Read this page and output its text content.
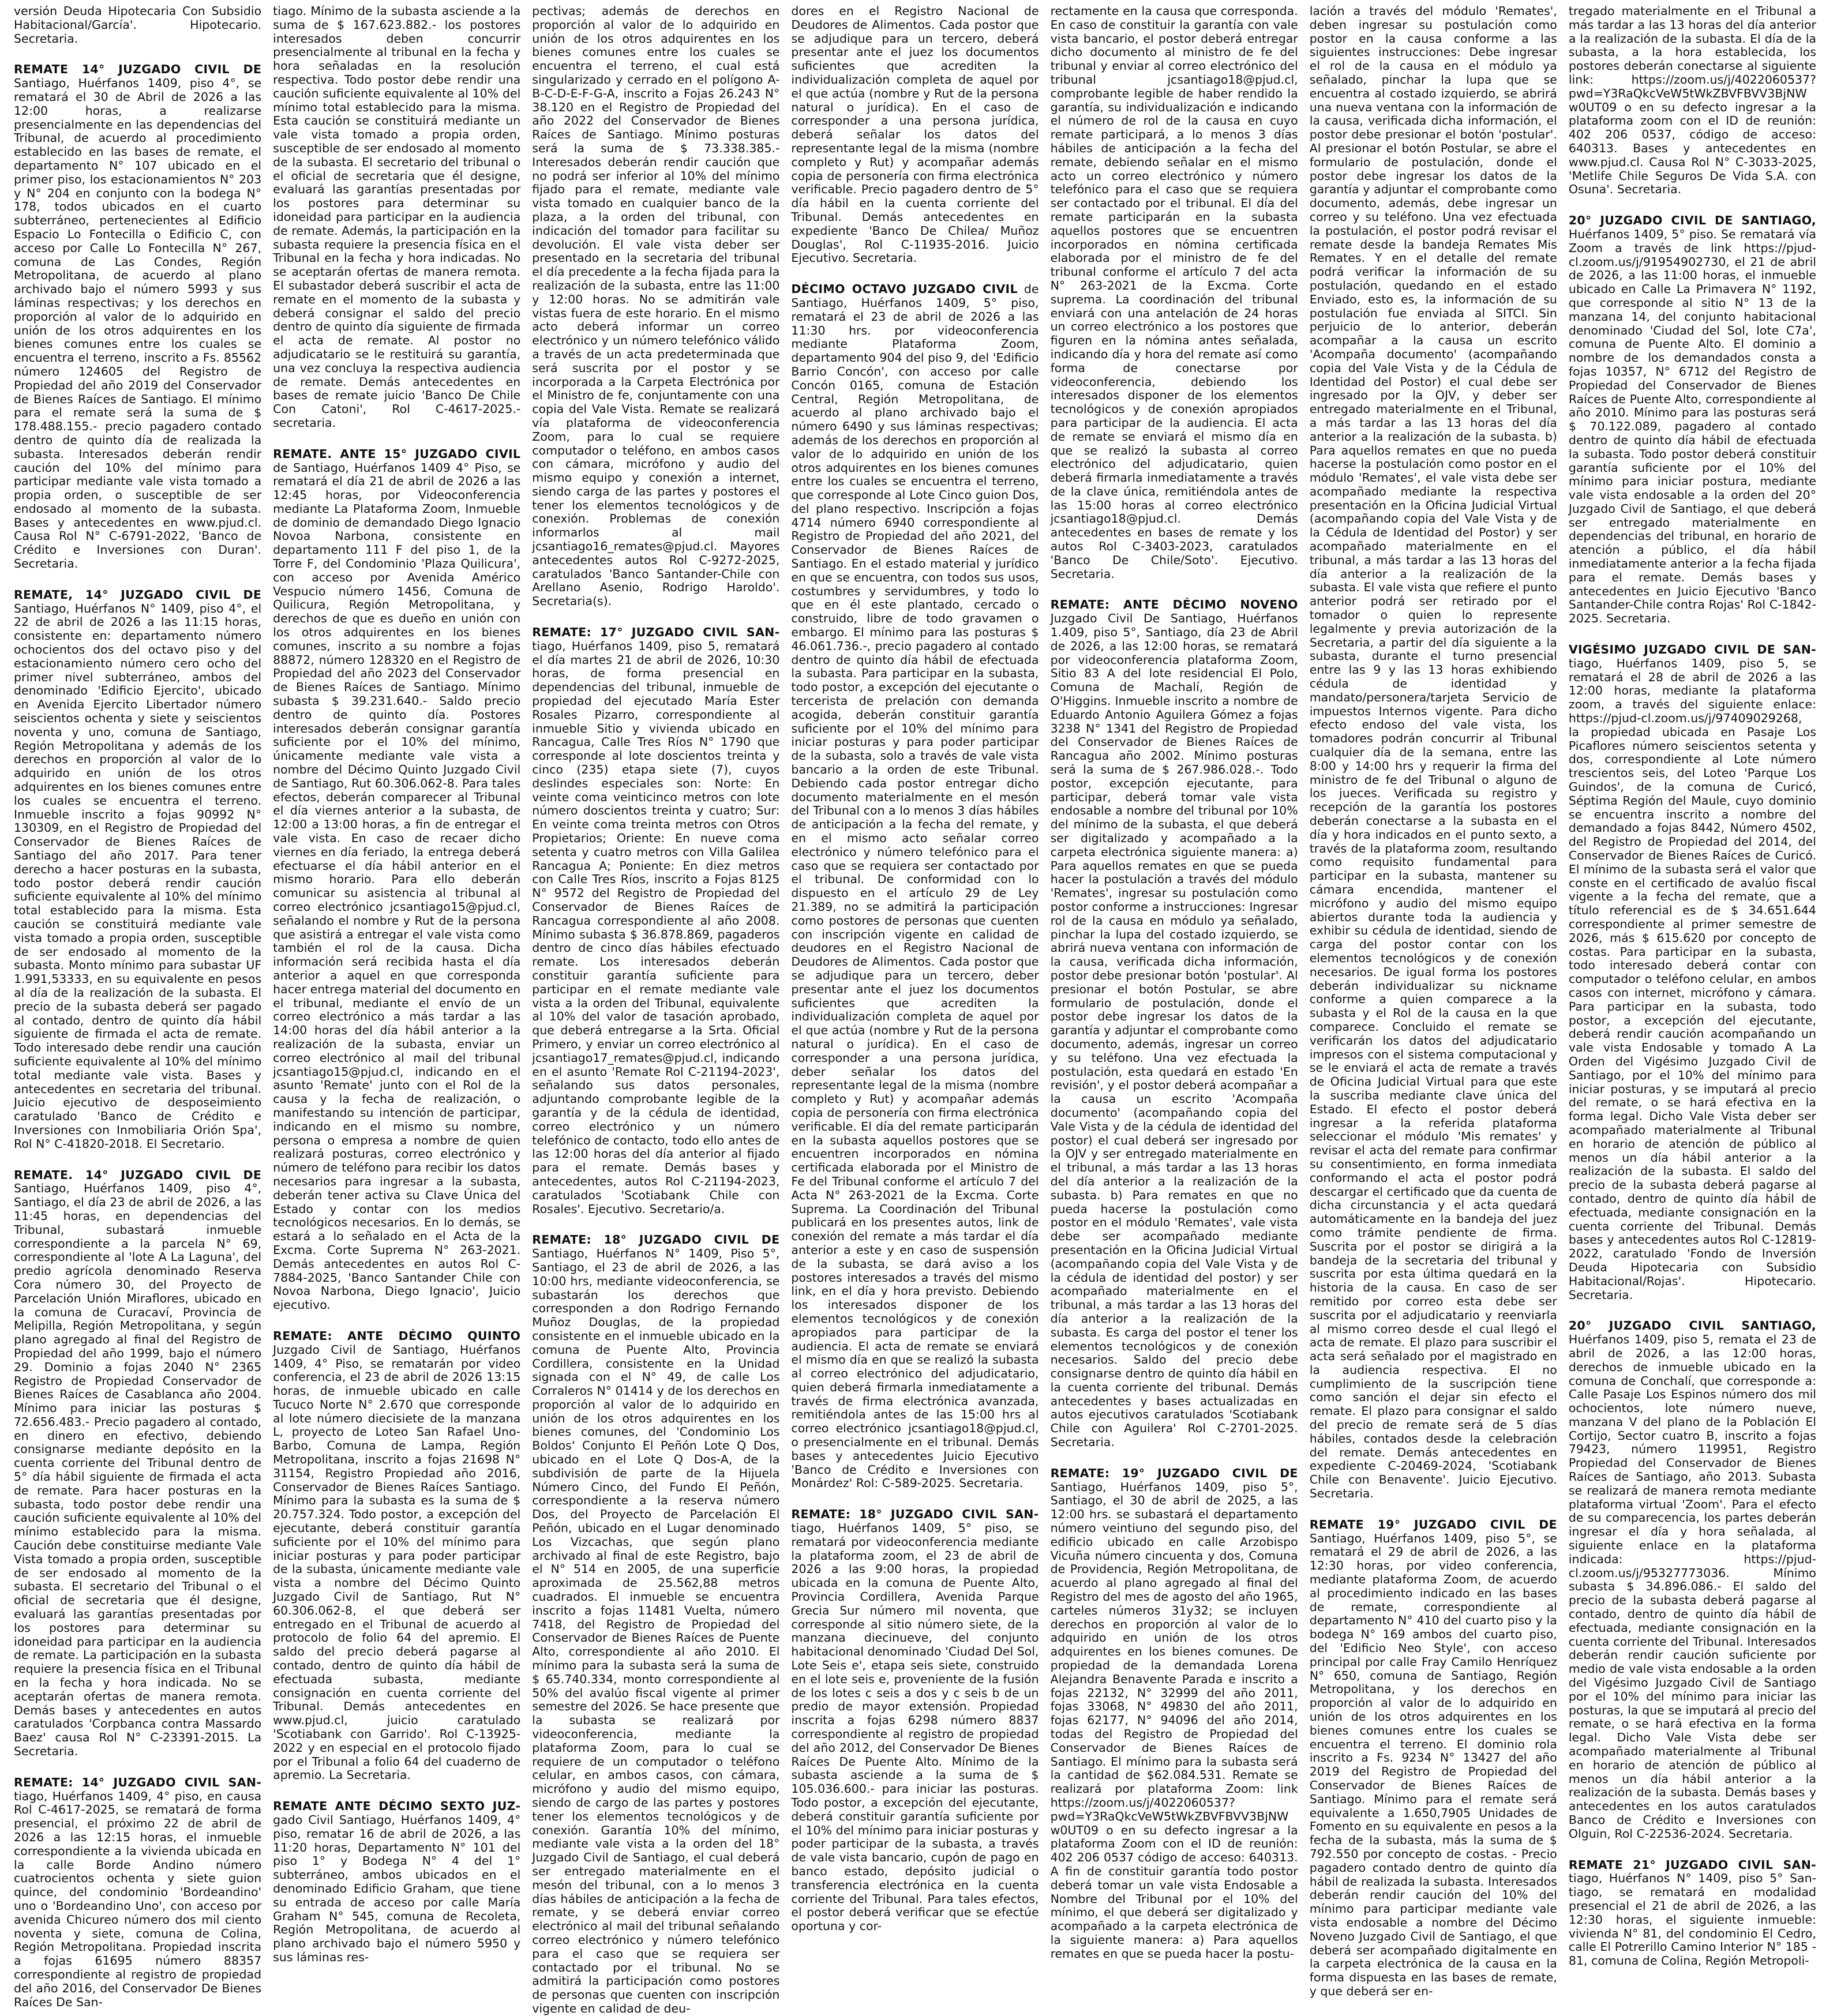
versión Deuda Hipotecaria Con Subsidio Habitacional/García'. Hipotecario. Secretaria.

REMATE 14° JUZGADO CIVIL DE Santiago, Huérfanos 1409, piso 4°, se rematará el 30 de Abril de 2026 a las 12:00 horas, a realizarse presencialmente en las dependencias del Tribunal, de acuerdo al procedimiento establecido en las bases de remate, el departamento N° 107 ubicado en el primer piso, los estacionamientos N° 203 y N° 204 en conjunto con la bodega N° 178, todos ubicados en el cuarto subterráneo, pertenecientes al Edificio Espacio Lo Fontecilla o Edificio C, con acceso por Calle Lo Fontecilla N° 267, comuna de Las Condes, Región Metropolitana, de acuerdo al plano archivado bajo el número 5993 y sus láminas respectivas; y los derechos en proporción al valor de lo adquirido en unión de los otros adquirentes en los bienes comunes entre los cuales se encuentra el terreno, inscrito a Fs. 85562 número 124605 del Registro de Propiedad del año 2019 del Conservador de Bienes Raíces de Santiago. El mínimo para el remate será la suma de $ 178.488.155.- precio pagadero contado dentro de quinto día de realizada la subasta. Interesados deberán rendir caución del 10% del mínimo para participar mediante vale vista tomado a propia orden, o susceptible de ser endosado al momento de la subasta. Bases y antecedentes en www.pjud.cl. Causa Rol N° C-6791-2022, 'Banco de Crédito e Inversiones con Duran'. Secretaria.

REMATE, 14° JUZGADO CIVIL DE Santiago, Huérfanos N° 1409, piso 4°, el 22 de abril de 2026 a las 11:15 horas, consistente en: departamento número ochocientos dos del octavo piso y del estacionamiento número cero ocho del primer nivel subterráneo, ambos del denominado 'Edificio Ejercito', ubicado en Avenida Ejercito Libertador número seiscientos ochenta y siete y seiscientos noventa y uno, comuna de Santiago, Región Metropolitana y además de los derechos en proporción al valor de lo adquirido en unión de los otros adquirentes en los bienes comunes entre los cuales se encuentra el terreno. Inmueble inscrito a fojas 90992 N° 130309, en el Registro de Propiedad del Conservador de Bienes Raíces de Santiago del año 2017. Para tener derecho a hacer posturas en la subasta, todo postor deberá rendir caución suficiente equivalente al 10% del mínimo total establecido para la misma. Esta caución se constituirá mediante vale vista tomado a propia orden, susceptible de ser endosado al momento de la subasta. Monto mínimo para subastar UF 1.991,53333, en su equivalente en pesos al día de la realización de la subasta. El precio de la subasta deberá ser pagado al contado, dentro de quinto día hábil siguiente de firmada el acta de remate. Todo interesado debe rendir una caución suficiente equivalente al 10% del mínimo total mediante vale vista. Bases y antecedentes en secretaria del tribunal. Juicio ejecutivo de desposeimiento caratulado 'Banco de Crédito e Inversiones con Inmobiliaria Orión Spa', Rol N° C-41820-2018. El Secretario.

REMATE. 14° JUZGADO CIVIL DE Santiago, Huérfanos 1409, piso 4°, Santiago, el día 23 de abril de 2026, a las 11:45 horas, en dependencias del Tribunal, subastará inmueble correspondiente a la parcela N° 69, correspondiente al 'lote A La Laguna', del predio agrícola denominado Reserva Cora número 30, del Proyecto de Parcelación Unión Miraflores, ubicado en la comuna de Curacaví, Provincia de Melipilla, Región Metropolitana, y según plano agregado al final del Registro de Propiedad del año 1999, bajo el número 29. Dominio a fojas 2040 N° 2365 Registro de Propiedad Conservador de Bienes Raíces de Casablanca año 2004. Mínimo para iniciar las posturas $ 72.656.483.- Precio pagadero al contado, en dinero en efectivo, debiendo consignarse mediante depósito en la cuenta corriente del Tribunal dentro de 5° día hábil siguiente de firmada el acta de remate. Para hacer posturas en la subasta, todo postor debe rendir una caución suficiente equivalente al 10% del mínimo establecido para la misma. Caución debe constituirse mediante Vale Vista tomado a propia orden, susceptible de ser endosado al momento de la subasta. El secretario del Tribunal o el oficial de secretaria que él designe, evaluará las garantías presentadas por los postores para determinar su idoneidad para participar en la audiencia de remate. La participación en la subasta requiere la presencia física en el Tribunal en la fecha y hora indicada. No se aceptarán ofertas de manera remota. Demás bases y antecedentes en autos caratulados 'Corpbanca contra Massardo Baez' causa Rol N° C-23391-2015. La Secretaria.

REMATE: 14° JUZGADO CIVIL SAN- tiago, Huérfanos 1409, 4° piso, en causa Rol C-4617-2025, se rematará de forma presencial, el próximo 22 de abril de 2026 a las 12:15 horas, el inmueble correspondiente a la vivienda ubicada en la calle Borde Andino número cuatrocientos ochenta y siete guion quince, del condominio 'Bordeandino' uno o 'Bordeandino Uno', con acceso por avenida Chicureo número dos mil ciento noventa y siete, comuna de Colina, Región Metropolitana. Propiedad inscrita a fojas 61695 número 88357 correspondiente al registro de propiedad del año 2016, del Conservador De Bienes Raíces De San-

tiago. Mínimo de la subasta asciende a la suma de $ 167.623.882.- los postores interesados deben concurrir presencialmente al tribunal en la fecha y hora señaladas en la resolución respectiva. Todo postor debe rendir una caución suficiente equivalente al 10% del mínimo total establecido para la misma. Esta caución se constituirá mediante un vale vista tomado a propia orden, susceptible de ser endosado al momento de la subasta. El secretario del tribunal o el oficial de secretaria que él designe, evaluará las garantías presentadas por los postores para determinar su idoneidad para participar en la audiencia de remate. Además, la participación en la subasta requiere la presencia física en el Tribunal en la fecha y hora indicadas. No se aceptarán ofertas de manera remota. El subastador deberá suscribir el acta de remate en el momento de la subasta y deberá consignar el saldo del precio dentro de quinto día siguiente de firmada el acta de remate. Al postor no adjudicatario se le restituirá su garantía, una vez concluya la respectiva audiencia de remate. Demás antecedentes en bases de remate juicio 'Banco De Chile Con Catoni', Rol C-4617-2025.- secretaria.

REMATE. ANTE 15° JUZGADO CIVIL de Santiago, Huérfanos 1409 4° Piso, se rematará el día 21 de abril de 2026 a las 12:45 horas, por Videoconferencia mediante La Plataforma Zoom, Inmueble de dominio de demandado Diego Ignacio Novoa Narbona, consistente en departamento 111 F del piso 1, de la Torre F, del Condominio 'Plaza Quilicura', con acceso por Avenida Américo Vespucio número 1456, Comuna de Quilicura, Región Metropolitana, y derechos de que es dueño en unión con los otros adquirentes en los bienes comunes, inscrito a su nombre a fojas 88872, número 128320 en el Registro de Propiedad del año 2023 del Conservador de Bienes Raíces de Santiago. Mínimo subasta $ 39.231.640.- Saldo precio dentro de quinto día. Postores interesados deberán consignar garantía suficiente por el 10% del mínimo, únicamente mediante vale vista a nombre del Décimo Quinto Juzgado Civil de Santiago, Rut 60.306.062-8. Para tales efectos, deberán comparecer al Tribunal el día viernes anterior a la subasta, de 12:00 a 13:00 horas, a fin de entregar el vale vista. En caso de recaer dicho viernes en día feriado, la entrega deberá efectuarse el día hábil anterior en el mismo horario. Para ello deberán comunicar su asistencia al tribunal al correo electrónico jcsantiago15@pjud.cl, señalando el nombre y Rut de la persona que asistirá a entregar el vale vista como también el rol de la causa. Dicha información será recibida hasta el día anterior a aquel en que corresponda hacer entrega material del documento en el tribunal, mediante el envío de un correo electrónico a más tardar a las 14:00 horas del día hábil anterior a la realización de la subasta, enviar un correo electrónico al mail del tribunal jcsantiago15@pjud.cl, indicando en el asunto 'Remate' junto con el Rol de la causa y la fecha de realización, o manifestando su intención de participar, indicando en el mismo su nombre, persona o empresa a nombre de quien realizará posturas, correo electrónico y número de teléfono para recibir los datos necesarios para ingresar a la subasta, deberán tener activa su Clave Única del Estado y contar con los medios tecnológicos necesarios. En lo demás, se estará a lo señalado en el Acta de la Excma. Corte Suprema N° 263-2021. Demás antecedentes en autos Rol C-7884-2025, 'Banco Santander Chile con Novoa Narbona, Diego Ignacio', Juicio ejecutivo.

REMATE: ANTE DÉCIMO QUINTO Juzgado Civil de Santiago, Huérfanos 1409, 4° Piso, se rematarán por video conferencia, el 23 de abril de 2026 13:15 horas, de inmueble ubicado en calle Tucuco Norte N° 2.670 que corresponde al lote número diecisiete de la manzana L, proyecto de Loteo San Rafael Uno-Barbo, Comuna de Lampa, Región Metropolitana, inscrito a fojas 21698 N° 31154, Registro Propiedad año 2016, Conservador de Bienes Raíces Santiago. Mínimo para la subasta es la suma de $ 20.757.324. Todo postor, a excepción del ejecutante, deberá constituir garantía suficiente por el 10% del mínimo para iniciar posturas y para poder participar de la subasta, únicamente mediante vale vista a nombre del Décimo Quinto Juzgado Civil de Santiago, Rut N° 60.306.062-8, el que deberá ser entregado en el Tribunal de acuerdo al protocolo de folio 64 del apremio. El saldo del precio deberá pagarse al contado, dentro de quinto día hábil de efectuada subasta, mediante consignación en cuenta corriente del Tribunal. Demás antecedentes en www.pjud.cl, juicio caratulado 'Scotiabank con Garrido'. Rol C-13925-2022 y en especial en el protocolo fijado por el Tribunal a folio 64 del cuaderno de apremio. La Secretaria.

REMATE ANTE DÉCIMO SEXTO JUZ- gado Civil Santiago, Huérfanos 1409, 4° piso, rematar 16 de abril de 2026, a las 11:20 horas, Departamento N° 101 del piso 1° y Bodega N° 4 del 1° subterráneo, ambos ubicados en el denominado Edificio Graham, que tiene su entrada de acceso por calle María Graham N° 545, comuna de Recoleta, Región Metropolitana, de acuerdo al plano archivado bajo el número 5950 y sus láminas res-

pectivas; además de derechos en proporción al valor de lo adquirido en unión de los otros adquirentes en los bienes comunes entre los cuales se encuentra el terreno, el cual está singularizado y cerrado en el polígono A-B-C-D-E-F-G-A, inscrito a Fojas 26.243 N° 38.120 en el Registro de Propiedad del año 2022 del Conservador de Bienes Raíces de Santiago. Mínimo posturas será la suma de $ 73.338.385.- Interesados deberán rendir caución que no podrá ser inferior al 10% del mínimo fijado para el remate, mediante vale vista tomado en cualquier banco de la plaza, a la orden del tribunal, con indicación del tomador para facilitar su devolución. El vale vista deber ser presentado en la secretaria del tribunal el día precedente a la fecha fijada para la realización de la subasta, entre las 11:00 y 12:00 horas. No se admitirán vale vistas fuera de este horario. En el mismo acto deberá informar un correo electrónico y un número telefónico válido a través de un acta predeterminada que será suscrita por el postor y se incorporada a la Carpeta Electrónica por el Ministro de fe, conjuntamente con una copia del Vale Vista. Remate se realizará vía plataforma de videoconferencia Zoom, para lo cual se requiere computador o teléfono, en ambos casos con cámara, micrófono y audio del mismo equipo y conexión a internet, siendo carga de las partes y postores el tener los elementos tecnológicos y de conexión. Problemas de conexión informarlos al mail jcsantiago16_remates@pjud.cl. Mayores antecedentes autos Rol C-9272-2025, caratulados 'Banco Santander-Chile con Arellano Asenio, Rodrigo Haroldo'. Secretaria(s).

REMATE: 17° JUZGADO CIVIL SAN- tiago, Huérfanos 1409, piso 5, rematará el día martes 21 de abril de 2026, 10:30 horas, de forma presencial en dependencias del tribunal, inmueble de propiedad del ejecutado María Ester Rosales Pizarro, correspondiente al inmueble Sitio y vivienda ubicado en Rancagua, Calle Tres Ríos N° 1790 que corresponde al lote doscientos treinta y cinco (235) etapa siete (7), cuyos deslindes especiales son: Norte: En veinte coma veinticinco metros con lote número doscientos treinta y cuatro; Sur: En veinte coma treinta metros con Otros Propietarios; Oriente: En nueve coma setenta y cuatro metros con Villa Galilea Rancagua A; Poniente: En diez metros con Calle Tres Ríos, inscrito a Fojas 8125 N° 9572 del Registro de Propiedad del Conservador de Bienes Raíces de Rancagua correspondiente al año 2008. Mínimo subasta $ 36.878.869, pagaderos dentro de cinco días hábiles efectuado remate. Los interesados deberán constituir garantía suficiente para participar en el remate mediante vale vista a la orden del Tribunal, equivalente al 10% del valor de tasación aprobado, que deberá entregarse a la Srta. Oficial Primero, y enviar un correo electrónico al jcsantiago17_remates@pjud.cl, indicando en el asunto 'Remate Rol C-21194-2023', señalando sus datos personales, adjuntando comprobante legible de la garantía y de la cédula de identidad, correo electrónico y un número telefónico de contacto, todo ello antes de las 12:00 horas del día anterior al fijado para el remate. Demás bases y antecedentes, autos Rol C-21194-2023, caratulados 'Scotiabank Chile con Rosales'. Ejecutivo. Secretario/a.

REMATE: 18° JUZGADO CIVIL DE Santiago, Huérfanos N° 1409, Piso 5°, Santiago, el 23 de abril de 2026, a las 10:00 hrs, mediante videoconferencia, se subastarán los derechos que corresponden a don Rodrigo Fernando Muñoz Douglas, de la propiedad consistente en el inmueble ubicado en la comuna de Puente Alto, Provincia Cordillera, consistente en la Unidad signada con el N° 49, de calle Los Corraleros N° 01414 y de los derechos en proporción al valor de lo adquirido en unión de los otros adquirentes en los bienes comunes, del 'Condominio Los Boldos' Conjunto El Peñón Lote Q Dos, ubicado en el Lote Q Dos-A, de la subdivisión de parte de la Hijuela Número Cinco, del Fundo El Peñón, correspondiente a la reserva número Dos, del Proyecto de Parcelación El Peñón, ubicado en el Lugar denominado Los Vizcachas, que según plano archivado al final de este Registro, bajo el N° 514 en 2005, de una superficie aproximada de 25.562,88 metros cuadrados. El inmueble se encuentra inscrito a fojas 11481 Vuelta, número 7418, del Registro de Propiedad del Conservador de Bienes Raíces de Puente Alto, correspondiente al año 2010. El mínimo para la subasta será la suma de $ 65.740.334, monto correspondiente al 50% del avalúo fiscal vigente al primer semestre del 2026. Se hace presente que la subasta se realizará por videoconferencia, mediante la plataforma Zoom, para lo cual se requiere de un computador o teléfono celular, en ambos casos, con cámara, micrófono y audio del mismo equipo, siendo de cargo de las partes y postores tener los elementos tecnológicos y de conexión. Garantía 10% del mínimo, mediante vale vista a la orden del 18° Juzgado Civil de Santiago, el cual deberá ser entregado materialmente en el mesón del tribunal, con a lo menos 3 días hábiles de anticipación a la fecha de remate, y se deberá enviar correo electrónico al mail del tribunal señalando correo electrónico y número telefónico para el caso que se requiera ser contactado por el tribunal. No se admitirá la participación como postores de personas que cuenten con inscripción vigente en calidad de deu-

dores en el Registro Nacional de Deudores de Alimentos. Cada postor que se adjudique para un tercero, deberá presentar ante el juez los documentos suficientes que acrediten la individualización completa de aquel por el que actúa (nombre y Rut de la persona natural o jurídica). En el caso de corresponder a una persona jurídica, deberá señalar los datos del representante legal de la misma (nombre completo y Rut) y acompañar además copia de personería con firma electrónica verificable. Precio pagadero dentro de 5° día hábil en la cuenta corriente del Tribunal. Demás antecedentes en expediente 'Banco De Chilea/ Muñoz Douglas', Rol C-11935-2016. Juicio Ejecutivo. Secretaria.

DÉCIMO OCTAVO JUZGADO CIVIL de Santiago, Huérfanos 1409, 5° piso, rematará el 23 de abril de 2026 a las 11:30 hrs. por videoconferencia mediante Plataforma Zoom, departamento 904 del piso 9, del 'Edificio Barrio Concón', con acceso por calle Concón 0165, comuna de Estación Central, Región Metropolitana, de acuerdo al plano archivado bajo el número 6490 y sus láminas respectivas; además de los derechos en proporción al valor de lo adquirido en unión de los otros adquirentes en los bienes comunes entre los cuales se encuentra el terreno, que corresponde al Lote Cinco guion Dos, del plano respectivo. Inscripción a fojas 4714 número 6940 correspondiente al Registro de Propiedad del año 2021, del Conservador de Bienes Raíces de Santiago. En el estado material y jurídico en que se encuentra, con todos sus usos, costumbres y servidumbres, y todo lo que en él este plantado, cercado o construido, libre de todo gravamen o embargo. El mínimo para las posturas $ 46.061.736.-, precio pagadero al contado dentro de quinto día hábil de efectuada la subasta. Para participar en la subasta, todo postor, a excepción del ejecutante o tercerista de prelación con demanda acogida, deberán constituir garantía suficiente por el 10% del mínimo para iniciar posturas y para poder participar de la subasta, solo a través de vale vista bancario a la orden de este Tribunal. Debiendo cada postor entregar dicho documento materialmente en el mesón del Tribunal con a lo menos 3 días hábiles de anticipación a la fecha del remate, y en el mismo acto señalar correo electrónico y número telefónico para el caso que se requiera ser contactado por el tribunal. De conformidad con lo dispuesto en el artículo 29 de Ley 21.389, no se admitirá la participación como postores de personas que cuenten con inscripción vigente en calidad de deudores en el Registro Nacional de Deudores de Alimentos. Cada postor que se adjudique para un tercero, deber presentar ante el juez los documentos suficientes que acrediten la individualización completa de aquel por el que actúa (nombre y Rut de la persona natural o jurídica). En el caso de corresponder a una persona jurídica, deber señalar los datos del representante legal de la misma (nombre completo y Rut) y acompañar además copia de personería con firma electrónica verificable. El día del remate participarán en la subasta aquellos postores que se encuentren incorporados en nómina certificada elaborada por el Ministro de Fe del Tribunal conforme el artículo 7 del Acta N° 263-2021 de la Excma. Corte Suprema. La Coordinación del Tribunal publicará en los presentes autos, link de conexión del remate a más tardar el día anterior a este y en caso de suspensión de la subasta, se dará aviso a los postores interesados a través del mismo link, en el día y hora previsto. Debiendo los interesados disponer de los elementos tecnológicos y de conexión apropiados para participar de la audiencia. El acta de remate se enviará el mismo día en que se realizó la subasta al correo electrónico del adjudicatario, quien deberá firmarla inmediatamente a través de firma electrónica avanzada, remitiéndola antes de las 15:00 hrs al correo electrónico jcsantiago18@pjud.cl, o presencialmente en el tribunal. Demás bases y antecedentes Juicio Ejecutivo 'Banco de Crédito e Inversiones con Monárdez' Rol: C-589-2025. Secretaria.

REMATE: 18° JUZGADO CIVIL SAN- tiago, Huérfanos 1409, 5° piso, se rematará por videoconferencia mediante la plataforma zoom, el 23 de abril de 2026 a las 9:00 horas, la propiedad ubicada en la comuna de Puente Alto, Provincia Cordillera, Avenida Parque Grecia Sur número mil noventa, que corresponde al sitio número siete, de la manzana diecinueve, del conjunto habitacional denominado 'Ciudad Del Sol, Lote Seis e', etapa seis siete, construido en el lote seis e, proveniente de la fusión de los lotes c seis a dos y c seis b de un predio de mayor extensión. Propiedad inscrita a fojas 6298 número 8837 correspondiente al registro de propiedad del año 2012, del Conservador De Bienes Raíces De Puente Alto. Mínimo de la subasta asciende a la suma de $ 105.036.600.- para iniciar las posturas. Todo postor, a excepción del ejecutante, deberá constituir garantía suficiente por el 10% del mínimo para iniciar posturas y poder participar de la subasta, a través de vale vista bancario, cupón de pago en banco estado, depósito judicial o transferencia electrónica en la cuenta corriente del Tribunal. Para tales efectos, el postor deberá verificar que se efectúe oportuna y cor-

rectamente en la causa que corresponda. En caso de constituir la garantía con vale vista bancario, el postor deberá entregar dicho documento al ministro de fe del tribunal y enviar al correo electrónico del tribunal jcsantiago18@pjud.cl, comprobante legible de haber rendido la garantía, su individualización e indicando el número de rol de la causa en cuyo remate participará, a lo menos 3 días hábiles de anticipación a la fecha del remate, debiendo señalar en el mismo acto un correo electrónico y número telefónico para el caso que se requiera ser contactado por el tribunal. El día del remate participarán en la subasta aquellos postores que se encuentren incorporados en nómina certificada elaborada por el ministro de fe del tribunal conforme el artículo 7 del acta N° 263-2021 de la Excma. Corte suprema. La coordinación del tribunal enviará con una antelación de 24 horas un correo electrónico a los postores que figuren en la nómina antes señalada, indicando día y hora del remate así como forma de conectarse por videoconferencia, debiendo los interesados disponer de los elementos tecnológicos y de conexión apropiados para participar de la audiencia. El acta de remate se enviará el mismo día en que se realizó la subasta al correo electrónico del adjudicatario, quien deberá firmarla inmediatamente a través de la clave única, remitiéndola antes de las 15:00 horas al correo electrónico jcsantiago18@pjud.cl. Demás antecedentes en bases de remate y los autos Rol C-3403-2023, caratulados 'Banco De Chile/Soto'. Ejecutivo. Secretaria.

REMATE: ANTE DÉCIMO NOVENO Juzgado Civil De Santiago, Huérfanos 1.409, piso 5°, Santiago, día 23 de Abril de 2026, a las 12:00 horas, se rematará por videoconferencia plataforma Zoom, Sitio 83 A del lote residencial El Polo, Comuna de Machalí, Región de O'Higgins. Inmueble inscrito a nombre de Eduardo Antonio Aguilera Gómez a fojas 3238 N° 1341 del Registro de Propiedad del Conservador de Bienes Raíces de Rancagua año 2002. Mínimo posturas será la suma de $ 267.986.028.-. Todo postor, excepción ejecutante, para participar, deberá tomar vale vista endosable a nombre del tribunal por 10% del mínimo de la subasta, el que deberá ser digitalizado y acompañado a la carpeta electrónica siguiente manera: a) Para aquellos remates en que se pueda hacer la postulación a través del módulo 'Remates', ingresar su postulación como postor conforme a instrucciones: Ingresar rol de la causa en módulo ya señalado, pinchar la lupa del costado izquierdo, se abrirá nueva ventana con información de la causa, verificada dicha información, postor debe presionar botón 'postular'. Al presionar el botón Postular, se abre formulario de postulación, donde el postor debe ingresar los datos de la garantía y adjuntar el comprobante como documento, además, ingresar un correo y su teléfono. Una vez efectuada la postulación, esta quedará en estado 'En revisión', y el postor deberá acompañar a la causa un escrito 'Acompaña documento' (acompañando copia del Vale Vista y de la cédula de identidad del postor) el cual deberá ser ingresado por la OJV y ser entregado materialmente en el tribunal, a más tardar a las 13 horas del día anterior a la realización de la subasta. b) Para remates en que no pueda hacerse la postulación como postor en el módulo 'Remates', vale vista debe ser acompañado mediante presentación en la Oficina Judicial Virtual (acompañando copia del Vale Vista y de la cédula de identidad del postor) y ser acompañado materialmente en el tribunal, a más tardar a las 13 horas del día anterior a la realización de la subasta. Es carga del postor el tener los elementos tecnológicos y de conexión necesarios. Saldo del precio debe consignarse dentro de quinto día hábil en la cuenta corriente del tribunal. Demás antecedentes y bases actualizadas en autos ejecutivos caratulados 'Scotiabank Chile con Aguilera' Rol C-2701-2025. Secretaria.

REMATE: 19° JUZGADO CIVIL DE Santiago, Huérfanos 1409, piso 5°, Santiago, el 30 de abril de 2025, a las 12:00 hrs. se subastará el departamento número veintiuno del segundo piso, del edificio ubicado en calle Arzobispo Vicuña número cincuenta y dos, Comuna de Providencia, Región Metropolitana, de acuerdo al plano agregado al final del Registro del mes de agosto del año 1965, carteles números 31y32; se incluyen derechos en proporción al valor de lo adquirido en unión de los otros adquirentes en los bienes comunes. De propiedad de la demandada Lorena Alejandra Benavente Parada e inscrito a fojas 22132, N° 32999 del año 2011, fojas 33068, N° 49830 del año 2011, fojas 62177, N° 94096 del año 2014, todas del Registro de Propiedad del Conservador de Bienes Raíces de Santiago. El mínimo para la subasta será la cantidad de $62.084.531. Remate se realizará por plataforma Zoom: link https://zoom.us/j/4022060537?pwd=Y3RaQkcVeW5tWkZBVFBVV3BjNWw0UT09 o en su defecto ingresar a la plataforma Zoom con el ID de reunión: 402 206 0537 código de acceso: 640313. A fin de constituir garantía todo postor deberá tomar un vale vista Endosable a Nombre del Tribunal por el 10% del mínimo, el que deberá ser digitalizado y acompañado a la carpeta electrónica de la siguiente manera: a) Para aquellos remates en que se pueda hacer la postu-

lación a través del módulo 'Remates', deben ingresar su postulación como postor en la causa conforme a las siguientes instrucciones: Debe ingresar el rol de la causa en el módulo ya señalado, pinchar la lupa que se encuentra al costado izquierdo, se abrirá una nueva ventana con la información de la causa, verificada dicha información, el postor debe presionar el botón 'postular'. Al presionar el botón Postular, se abre el formulario de postulación, donde el postor debe ingresar los datos de la garantía y adjuntar el comprobante como documento, además, debe ingresar un correo y su teléfono. Una vez efectuada la postulación, el postor podrá revisar el remate desde la bandeja Remates Mis Remates. Y en el detalle del remate podrá verificar la información de su postulación, quedando en el estado Enviado, esto es, la información de su postulación fue enviada al SITCI. Sin perjuicio de lo anterior, deberán acompañar a la causa un escrito 'Acompaña documento' (acompañando copia del Vale Vista y de la Cédula de Identidad del Postor) el cual debe ser ingresado por la OJV, y deber ser entregado materialmente en el Tribunal, a más tardar a las 13 horas del día anterior a la realización de la subasta. b) Para aquellos remates en que no pueda hacerse la postulación como postor en el módulo 'Remates', el vale vista debe ser acompañado mediante la respectiva presentación en la Oficina Judicial Virtual (acompañando copia del Vale Vista y de la Cédula de Identidad del Postor) y ser acompañado materialmente en el tribunal, a más tardar a las 13 horas del día anterior a la realización de la subasta. El vale vista que refiere el punto anterior podrá ser retirado por el tomador o quien lo represente legalmente y previa autorización de la Secretaria, a partir del día siguiente a la subasta, durante el turno presencial entre las 9 y las 13 horas exhibiendo cédula de identidad y mandato/personera/tarjeta Servicio de impuestos Internos vigente. Para dicho efecto endoso del vale vista, los tomadores podrán concurrir al Tribunal cualquier día de la semana, entre las 8:00 y 14:00 hrs y requerir la firma del ministro de fe del Tribunal o alguno de los jueces. Verificada su registro y recepción de la garantía los postores deberán conectarse a la subasta en el día y hora indicados en el punto sexto, a través de la plataforma zoom, resultando como requisito fundamental para participar en la subasta, mantener su cámara encendida, mantener el micrófono y audio del mismo equipo abiertos durante toda la audiencia y exhibir su cédula de identidad, siendo de carga del postor contar con los elementos tecnológicos y de conexión necesarios. De igual forma los postores deberán individualizar su nickname conforme a quien comparece a la subasta y el Rol de la causa en la que comparece. Concluido el remate se verificarán los datos del adjudicatario impresos con el sistema computacional y se le enviará el acta de remate a través de Oficina Judicial Virtual para que este la suscriba mediante clave única del Estado. El efecto el postor deberá ingresar a la referida plataforma seleccionar el módulo 'Mis remates' y revisar el acta del remate para confirmar su consentimiento, en forma inmediata conformando el acta el postor podrá descargar el certificado que da cuenta de dicha circunstancia y el acta quedará automáticamente en la bandeja del juez como trámite pendiente de firma. Suscrita por el postor se dirigirá a la bandeja de la secretaria del tribunal y suscrita por esta última quedará en la historia de la causa. En caso de ser remitido por correo esta debe ser suscrita por el adjudicatario y reenviarla al mismo correo desde el cual llegó el acta de remate. El plazo para suscribir el acta será señalado por el magistrado en la audiencia respectiva. El no cumplimiento de la suscripción tiene como sanción el dejar sin efecto el remate. El plazo para consignar el saldo del precio de remate será de 5 días hábiles, contados desde la celebración del remate. Demás antecedentes en expediente C-20469-2024, 'Scotiabank Chile con Benavente'. Juicio Ejecutivo. Secretaria.

REMATE 19° JUZGADO CIVIL DE Santiago, Huérfanos 1409, piso 5°, se rematará el 29 de abril de 2026, a las 12:30 horas, por video conferencia, mediante plataforma Zoom, de acuerdo al procedimiento indicado en las bases de remate, correspondiente al departamento N° 410 del cuarto piso y la bodega N° 169 ambos del cuarto piso, del 'Edificio Neo Style', con acceso principal por calle Fray Camilo Henríquez N° 650, comuna de Santiago, Región Metropolitana, y los derechos en proporción al valor de lo adquirido en unión de los otros adquirentes en los bienes comunes entre los cuales se encuentra el terreno. El dominio rola inscrito a Fs. 9234 N° 13427 del año 2019 del Registro de Propiedad del Conservador de Bienes Raíces de Santiago. Mínimo para el remate será equivalente a 1.650,7905 Unidades de Fomento en su equivalente en pesos a la fecha de la subasta, más la suma de $ 792.550 por concepto de costas. - Precio pagadero contado dentro de quinto día hábil de realizada la subasta. Interesados deberán rendir caución del 10% del mínimo para participar mediante vale vista endosable a nombre del Décimo Noveno Juzgado Civil de Santiago, el que deberá ser acompañado digitalmente en la carpeta electrónica de la causa en la forma dispuesta en las bases de remate, y que deberá ser en-

tregado materialmente en el Tribunal a más tardar a las 13 horas del día anterior a la realización de la subasta. El día de la subasta, a la hora establecida, los postores deberán conectarse al siguiente link: https://zoom.us/j/4022060537?pwd=Y3RaQkcVeW5tWkZBVFBVV3BjNWw0UT09 o en su defecto ingresar a la plataforma zoom con el ID de reunión: 402 206 0537, código de acceso: 640313. Bases y antecedentes en www.pjud.cl. Causa Rol N° C-3033-2025, 'Metlife Chile Seguros De Vida S.A. con Osuna'. Secretaria.

20° JUZGADO CIVIL DE SANTIAGO, Huérfanos 1409, 5° piso. Se rematará vía Zoom a través de link https://pjud-cl.zoom.us/j/91954902730, el 21 de abril de 2026, a las 11:00 horas, el inmueble ubicado en Calle La Primavera N° 1192, que corresponde al sitio N° 13 de la manzana 14, del conjunto habitacional denominado 'Ciudad del Sol, lote C7a', comuna de Puente Alto. El dominio a nombre de los demandados consta a fojas 10357, N° 6712 del Registro de Propiedad del Conservador de Bienes Raíces de Puente Alto, correspondiente al año 2010. Mínimo para las posturas será $ 70.122.089, pagadero al contado dentro de quinto día hábil de efectuada la subasta. Todo postor deberá constituir garantía suficiente por el 10% del mínimo para iniciar postura, mediante vale vista endosable a la orden del 20° Juzgado Civil de Santiago, el que deberá ser entregado materialmente en dependencias del tribunal, en horario de atención a público, el día hábil inmediatamente anterior a la fecha fijada para el remate. Demás bases y antecedentes en Juicio Ejecutivo 'Banco Santander-Chile contra Rojas' Rol C-1842-2025. Secretaria.

VIGÉSIMO JUZGADO CIVIL DE SAN- tiago, Huérfanos 1409, piso 5, se rematará el 28 de abril de 2026 a las 12:00 horas, mediante la plataforma zoom, a través del siguiente enlace: https://pjud-cl.zoom.us/j/97409029268, la propiedad ubicada en Pasaje Los Picaflores número seiscientos setenta y dos, correspondiente al Lote número trescientos seis, del Loteo 'Parque Los Guindos', de la comuna de Curicó, Séptima Región del Maule, cuyo dominio se encuentra inscrito a nombre del demandado a fojas 8442, Número 4502, del Registro de Propiedad del 2014, del Conservador de Bienes Raíces de Curicó. El mínimo de la subasta será el valor que conste en el certificado de avalúo fiscal vigente a la fecha del remate, que a título referencial es de $ 34.651.644 correspondiente al primer semestre de 2026, más $ 615.620 por concepto de costas. Para participar en la subasta, todo interesado deberá contar con computador o teléfono celular, en ambos casos con internet, micrófono y cámara. Para participar en la subasta, todo postor, a excepción del ejecutante, deberá rendir caución acompañando un vale vista Endosable y tomado A La Orden del Vigésimo Juzgado Civil de Santiago, por el 10% del mínimo para iniciar posturas, y se imputará al precio del remate, o se hará efectiva en la forma legal. Dicho Vale Vista deber ser acompañado materialmente al Tribunal en horario de atención de público al menos un día hábil anterior a la realización de la subasta. El saldo del precio de la subasta deberá pagarse al contado, dentro de quinto día hábil de efectuada, mediante consignación en la cuenta corriente del Tribunal. Demás bases y antecedentes autos Rol C-12819-2022, caratulado 'Fondo de Inversión Deuda Hipotecaria con Subsidio Habitacional/Rojas'. Hipotecario. Secretaria.

20° JUZGADO CIVIL SANTIAGO, Huérfanos 1409, piso 5, remata el 23 de abril de 2026, a las 12:00 horas, derechos de inmueble ubicado en la comuna de Conchalí, que corresponde a: Calle Pasaje Los Espinos número dos mil ochocientos, lote número nueve, manzana V del plano de la Población El Cortijo, Sector cuatro B, inscrito a fojas 79423, número 119951, Registro Propiedad del Conservador de Bienes Raíces de Santiago, año 2013. Subasta se realizará de manera remota mediante plataforma virtual 'Zoom'. Para el efecto de su comparecencia, los partes deberán ingresar el día y hora señalada, al siguiente enlace en la plataforma indicada: https://pjud-cl.zoom.us/j/95327773036. Mínimo subasta $ 34.896.086.- El saldo del precio de la subasta deberá pagarse al contado, dentro de quinto día hábil de efectuada, mediante consignación en la cuenta corriente del Tribunal. Interesados deberán rendir caución suficiente por medio de vale vista endosable a la orden del Vigésimo Juzgado Civil de Santiago por el 10% del mínimo para iniciar las posturas, la que se imputará al precio del remate, o se hará efectiva en la forma legal. Dicho Vale Vista debe ser acompañado materialmente al Tribunal en horario de atención de público al menos un día hábil anterior a la realización de la subasta. Demás bases y antecedentes en los autos caratulados Banco de Crédito e Inversiones con Olguin, Rol C-22536-2024. Secretaria.

REMATE 21° JUZGADO CIVIL SAN- tiago, Huérfanos N° 1409, piso 5° San-tiago, se rematará en modalidad presencial el 21 de abril de 2026, a las 12:30 horas, el siguiente inmueble: vivienda N° 81, del condominio El Cedro, calle El Potrerillo Camino Interior N° 185 - 81, comuna de Colina, Región Metropoli-
